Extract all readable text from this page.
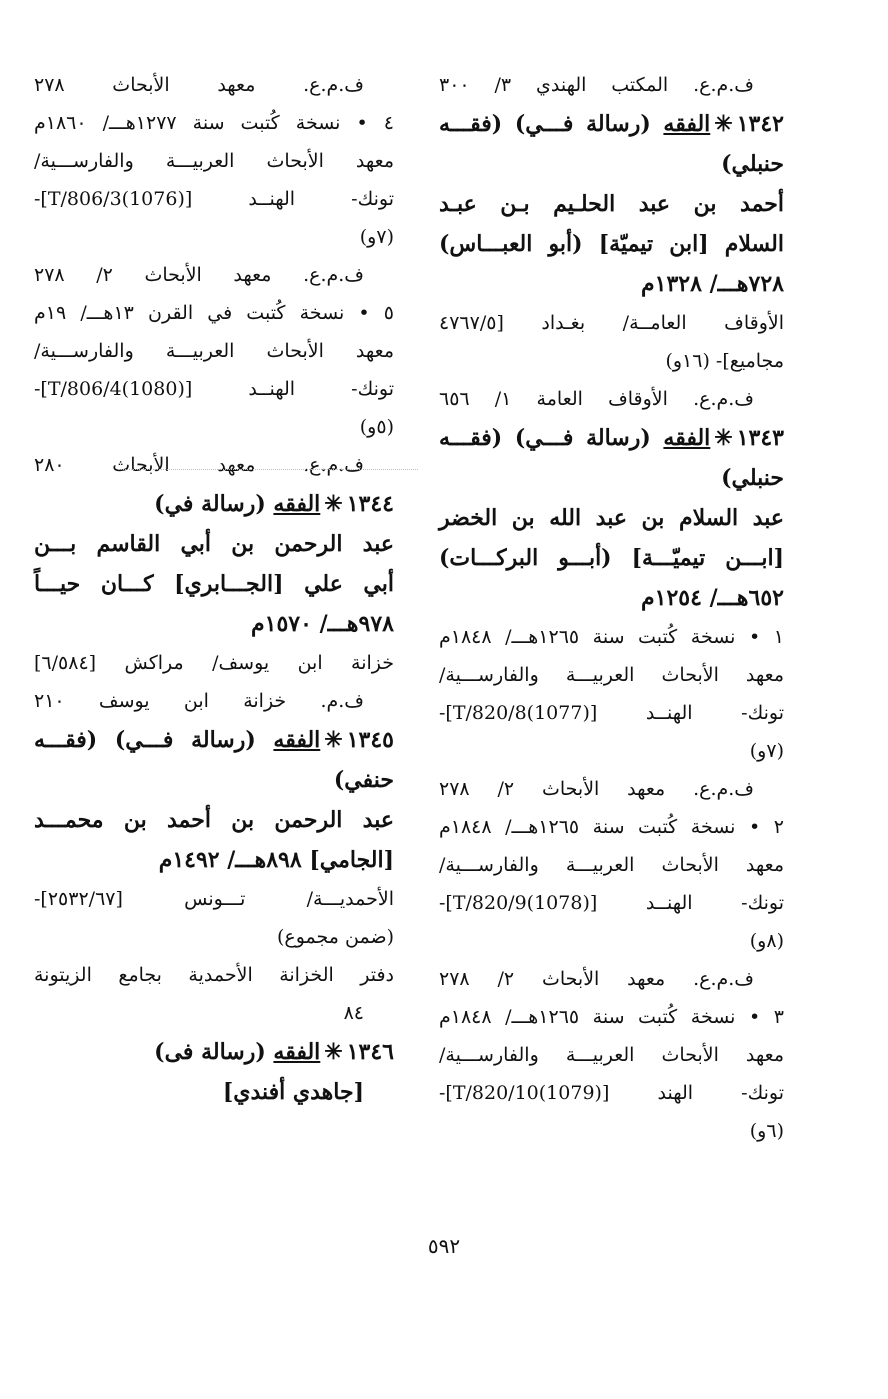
ف.م.ع. المكتب الهندي ٣/ ٣٠٠
١٣٤٢✳الفقه (رسالة فـــي) (فقـــه
حنبلي)
أحمد بن عبد الحلـيم بـن عبـد
السلام [ابن تيميّة] (أبو العبـــاس)
٧٢٨هـــ/ ١٣٢٨م
الأوقاف العامــة/ بغـداد [٤٧٦٧/٥
مجاميع]- (١٦و)
ف.م.ع. الأوقاف العامة ١/ ٦٥٦
١٣٤٣✳الفقه (رسالة فـــي) (فقـــه
حنبلي)
عبد السلام بن عبد الله بن الخضر
[ابـــن تيميّـــة] (أبـــو البركـــات)
٦٥٢هـــ/ ١٢٥٤م
١ • نسخة كُتبت سنة ١٢٦٥هـــ/ ١٨٤٨م
معهد الأبحاث العربيـــة والفارســـية/
تونك- الهنــد [T/820/8(1077)]-
(٧و)
ف.م.ع. معهد الأبحاث ٢/ ٢٧٨
٢ • نسخة كُتبت سنة ١٢٦٥هـــ/ ١٨٤٨م
معهد الأبحاث العربيـــة والفارســـية/
تونك- الهنــد [T/820/9(1078)]-
(٨و)
ف.م.ع. معهد الأبحاث ٢/ ٢٧٨
٣ • نسخة كُتبت سنة ١٢٦٥هـــ/ ١٨٤٨م
معهد الأبحاث العربيـــة والفارســـية/
تونك- الهند [T/820/10(1079)]-
(٦و)
ف.م.ع. معهد الأبحاث ٢٧٨
٤ • نسخة كُتبت سنة ١٢٧٧هـــ/ ١٨٦٠م
معهد الأبحاث العربيـــة والفارســـية/
تونك- الهنــد [T/806/3(1076)]-
(٧و)
ف.م.ع. معهد الأبحاث ٢/ ٢٧٨
٥ • نسخة كُتبت في القرن ١٣هـــ/ ١٩م
معهد الأبحاث العربيـــة والفارســـية/
تونك- الهنــد [T/806/4(1080)]-
(٥و)
ف.م.ع. معهد الأبحاث ٢٨٠
١٣٤٤✳الفقه (رسالة في)
عبد الرحمن بن أبي القاسم بـــن
أبي علي [الجـــابري] كـــان حيـــاً
٩٧٨هـــ/ ١٥٧٠م
خزانة ابن يوسف/ مراكش [٦/٥٨٤]
ف.م. خزانة ابن يوسف ٢١٠
١٣٤٥✳الفقه (رسالة فـــي) (فقـــه
حنفي)
عبد الرحمن بن أحمد بن محمـــد
[الجامي] ٨٩٨هـــ/ ١٤٩٢م
الأحمديـــة/ تـــونس [٢٥٣٢/٦٧]-
(ضمن مجموع)
دفتر الخزانة الأحمدية بجامع الزيتونة
٨٤
١٣٤٦✳الفقه (رسالة فى)
[جاهدي أفندي]
٥٩٢
